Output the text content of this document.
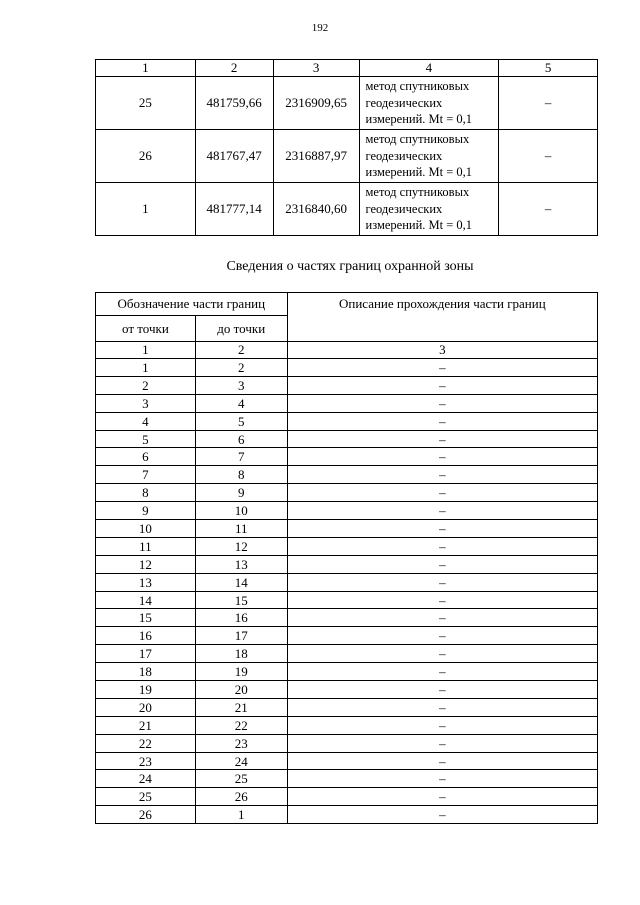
192
1	2	3	4	5
25	481759,66	2316909,65	метод спутниковых
геодезических
измерений. Mt = 0,1	–
26	481767,47	2316887,97	метод спутниковых
геодезических
измерений. Mt = 0,1	–
1	481777,14	2316840,60	метод спутниковых
геодезических
измерений. Mt = 0,1	–
Сведения о частях границ охранной зоны
Обозначение части границ		Описание прохождения части границ
от точки	до точки	
1	2	3
1	2	–
2	3	–
3	4	–
4	5	–
5	6	–
6	7	–
7	8	–
8	9	–
9	10	–
10	11	–
11	12	–
12	13	–
13	14	–
14	15	–
15	16	–
16	17	–
17	18	–
18	19	–
19	20	–
20	21	–
21	22	–
22	23	–
23	24	–
24	25	–
25	26	–
26	1	–
